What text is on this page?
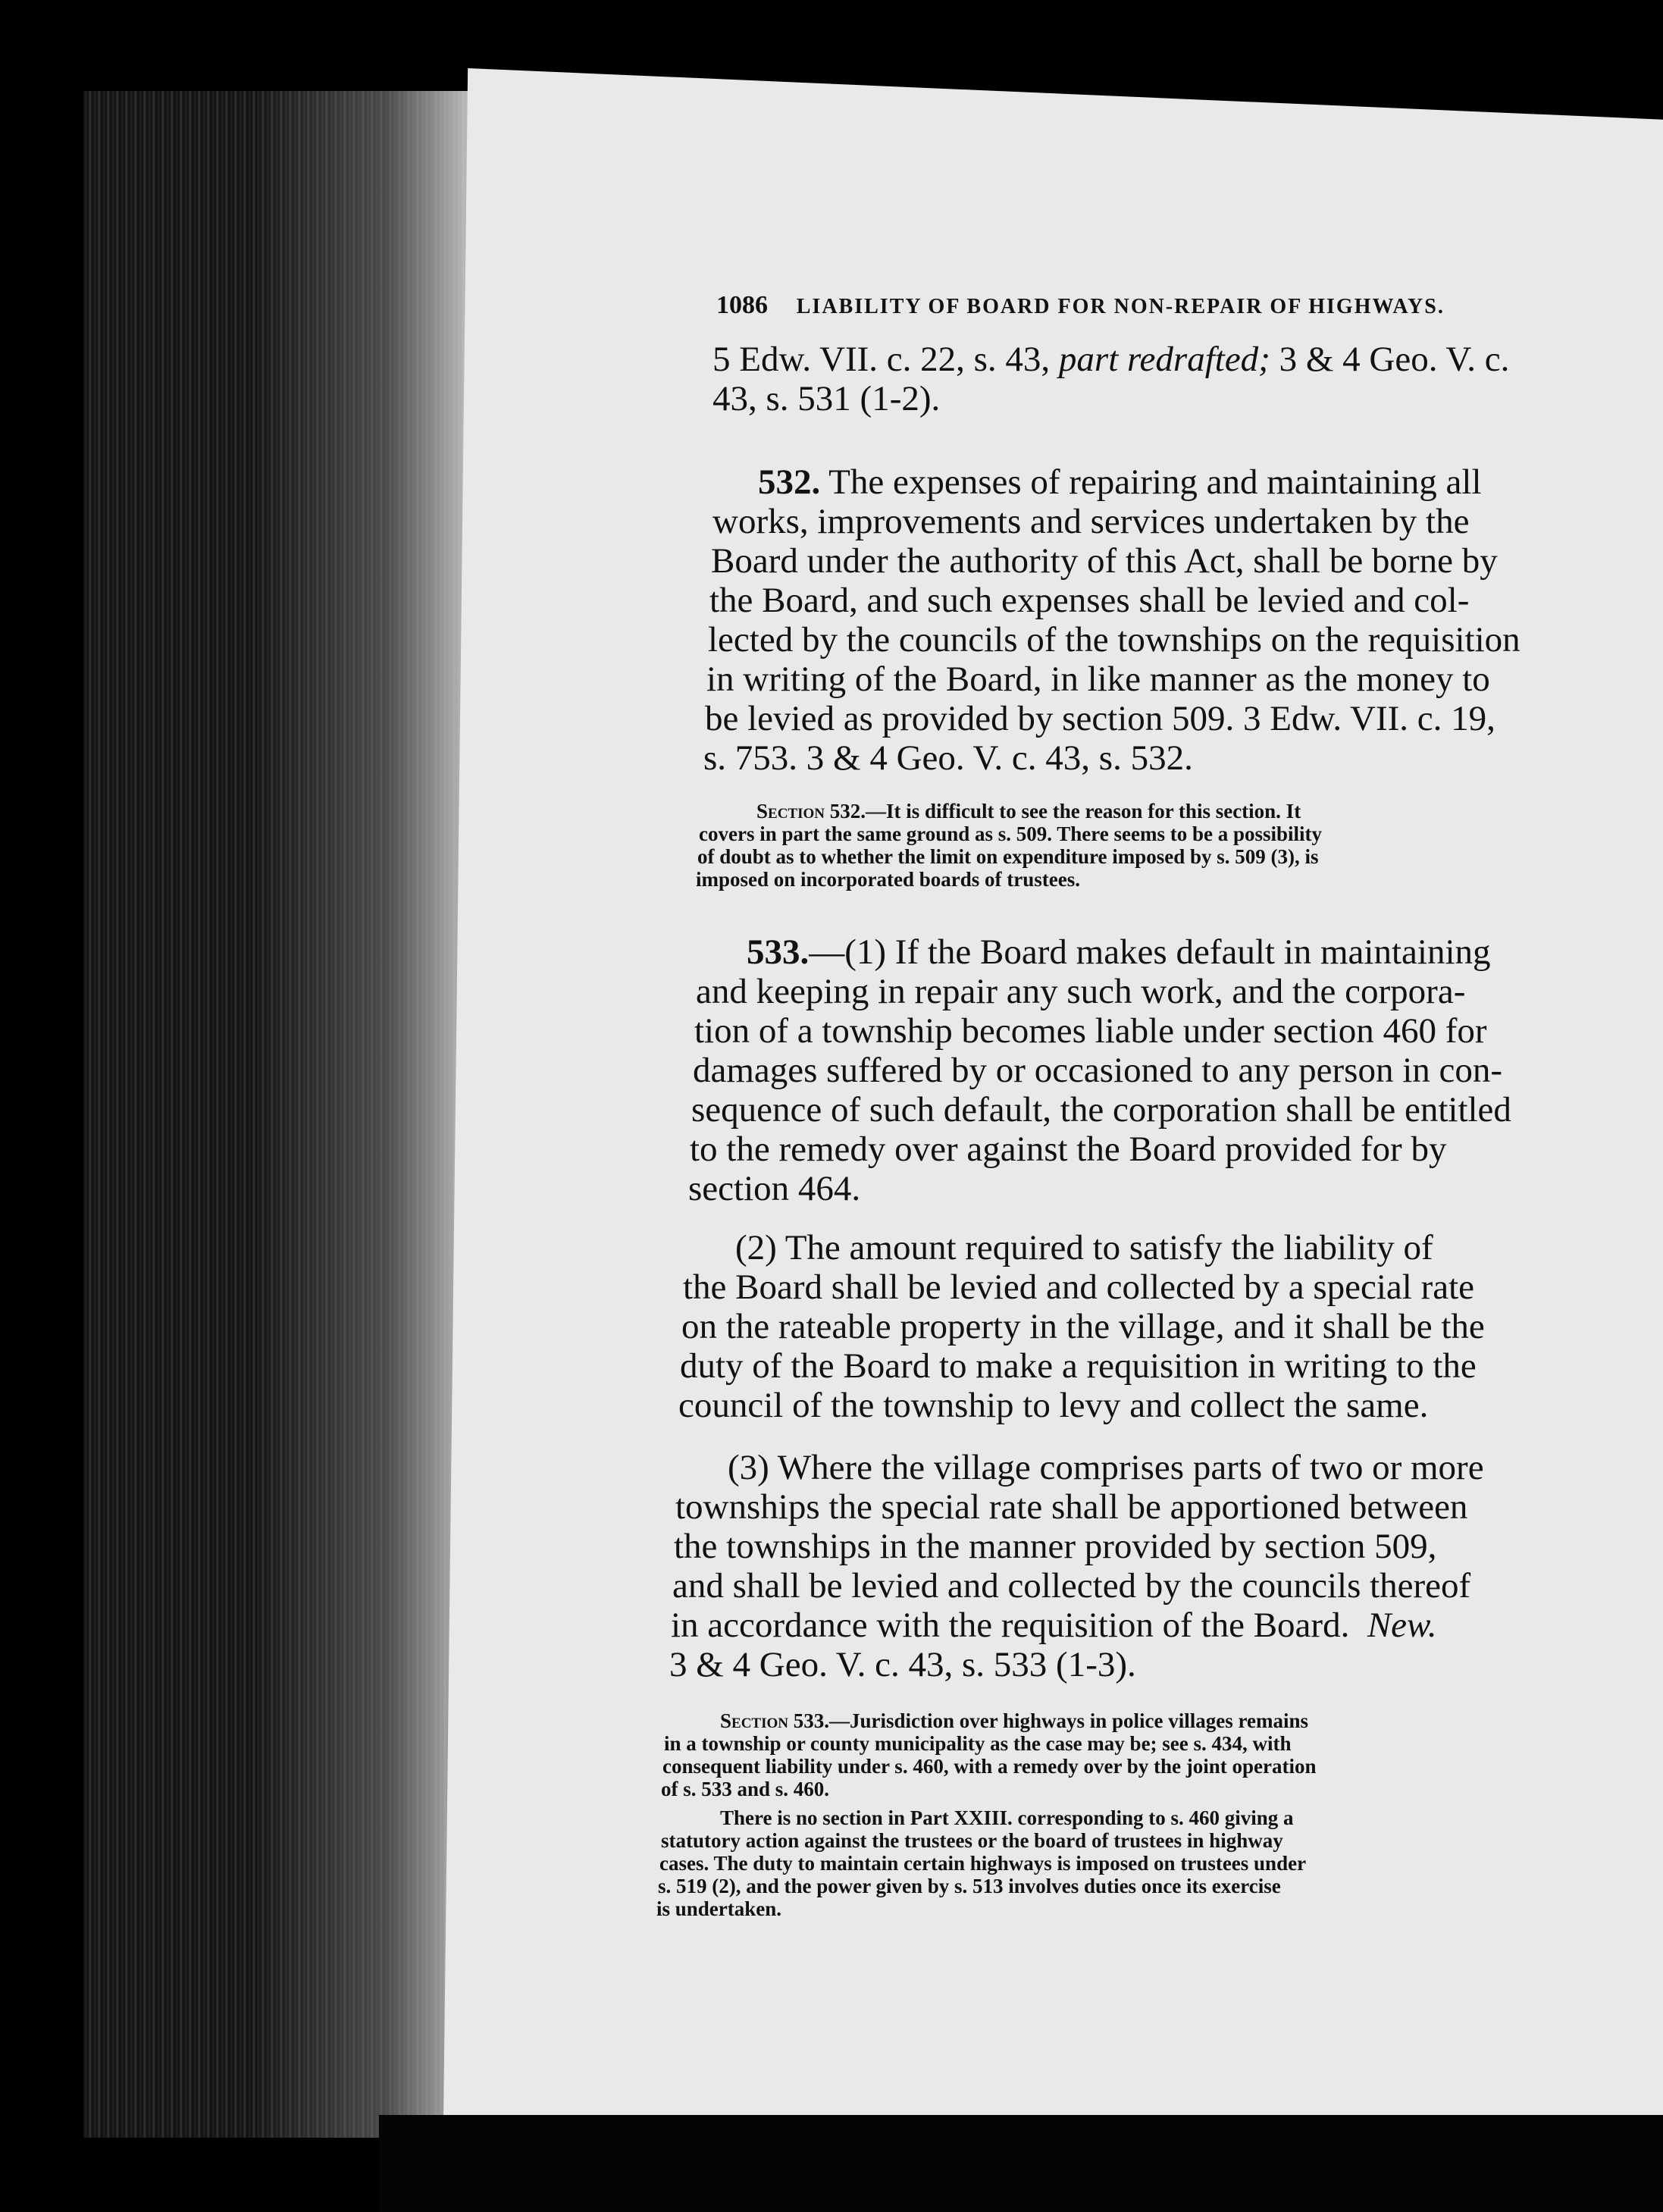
1086 LIABILITY OF BOARD FOR NON-REPAIR OF HIGHWAYS.
5 Edw. VII. c. 22, s. 43, part redrafted; 3 & 4 Geo. V. c.
43, s. 531 (1-2).
532. The expenses of repairing and maintaining all
works, improvements and services undertaken by the
Board under the authority of this Act, shall be borne by
the Board, and such expenses shall be levied and col-
lected by the councils of the townships on the requisition
in writing of the Board, in like manner as the money to
be levied as provided by section 509. 3 Edw. VII. c. 19,
s. 753. 3 & 4 Geo. V. c. 43, s. 532.
Section 532.—It is difficult to see the reason for this section. It
covers in part the same ground as s. 509. There seems to be a possibility
of doubt as to whether the limit on expenditure imposed by s. 509 (3), is
imposed on incorporated boards of trustees.
533.—(1) If the Board makes default in maintaining
and keeping in repair any such work, and the corpora-
tion of a township becomes liable under section 460 for
damages suffered by or occasioned to any person in con-
sequence of such default, the corporation shall be entitled
to the remedy over against the Board provided for by
section 464.
(2) The amount required to satisfy the liability of
the Board shall be levied and collected by a special rate
on the rateable property in the village, and it shall be the
duty of the Board to make a requisition in writing to the
council of the township to levy and collect the same.
(3) Where the village comprises parts of two or more
townships the special rate shall be apportioned between
the townships in the manner provided by section 509,
and shall be levied and collected by the councils thereof
in accordance with the requisition of the Board. New.
3 & 4 Geo. V. c. 43, s. 533 (1-3).
Section 533.—Jurisdiction over highways in police villages remains
in a township or county municipality as the case may be; see s. 434, with
consequent liability under s. 460, with a remedy over by the joint operation
of s. 533 and s. 460.
There is no section in Part XXIII. corresponding to s. 460 giving a
statutory action against the trustees or the board of trustees in highway
cases. The duty to maintain certain highways is imposed on trustees under
s. 519 (2), and the power given by s. 513 involves duties once its exercise
is undertaken.
